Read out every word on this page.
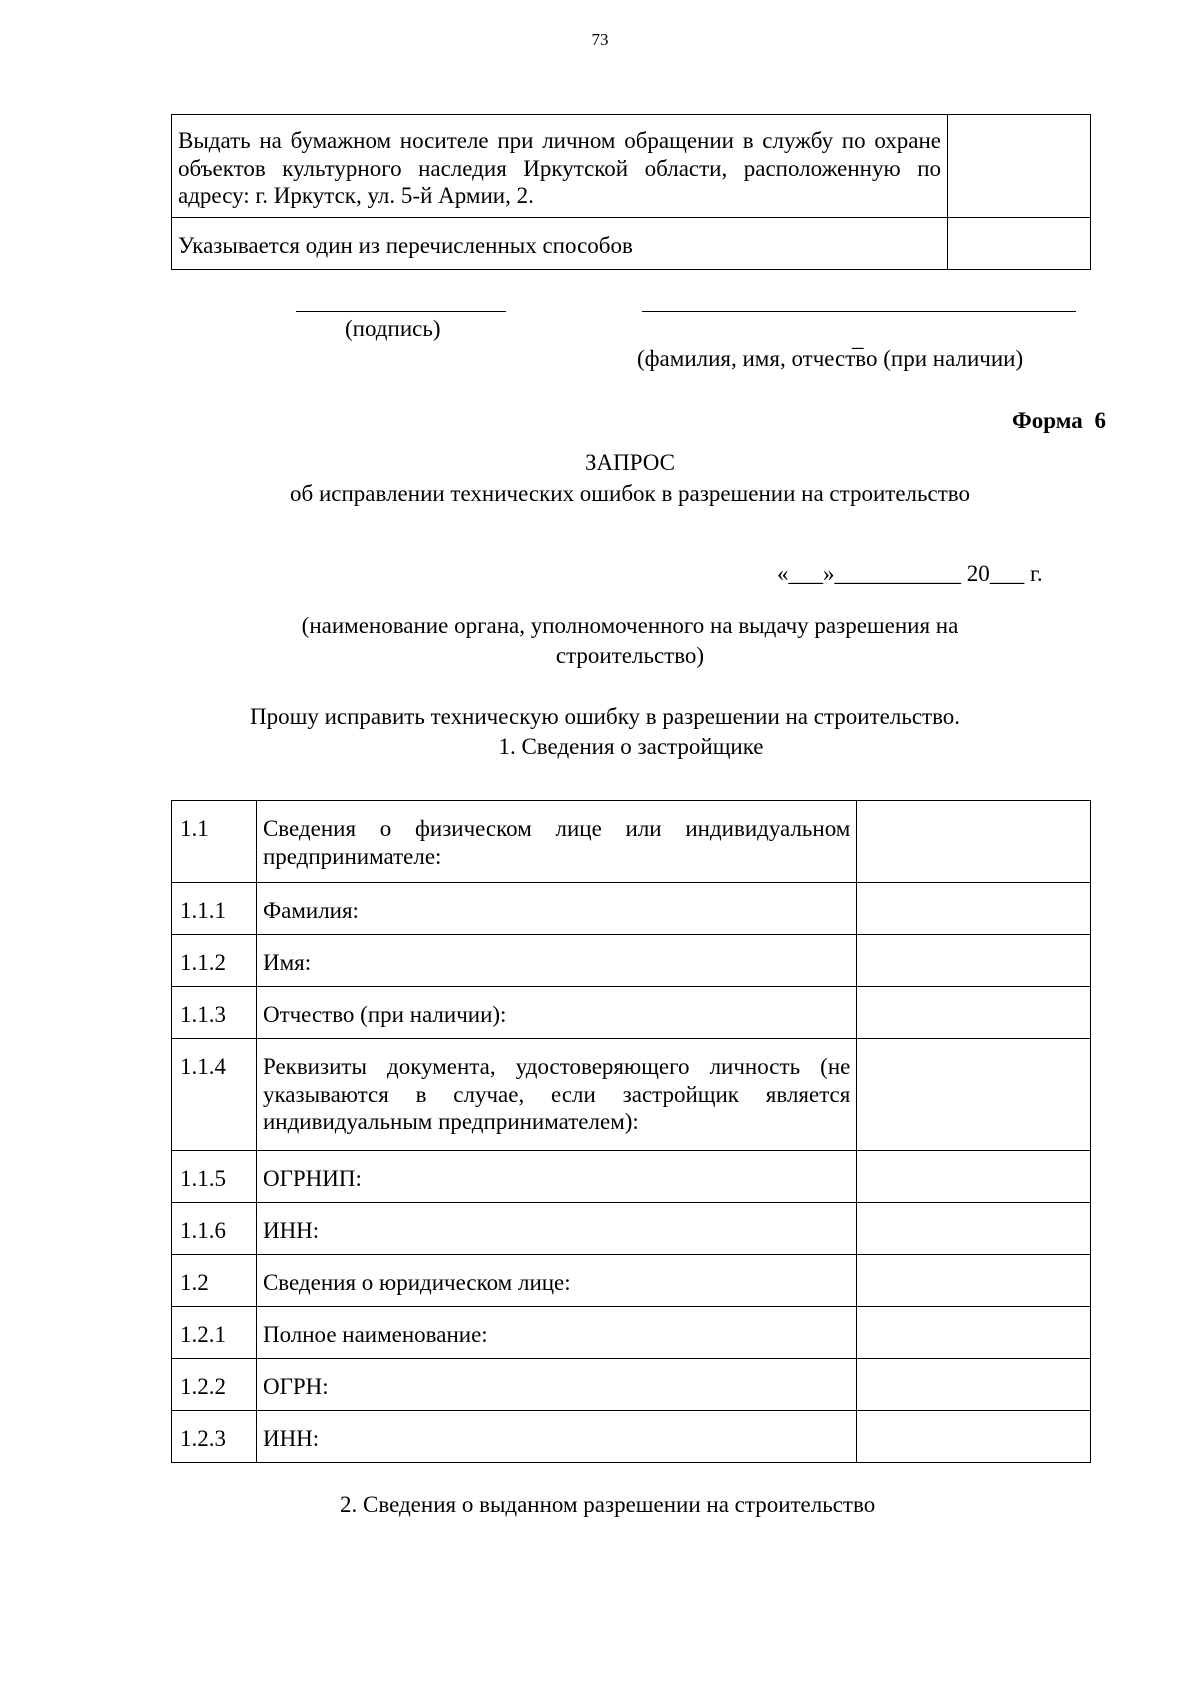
73
Выдать на бумажном носителе при личном обращении в службу по охране объектов культурного наследия Иркутской области, расположенную по адресу: г. Иркутск, ул. 5-й Армии, 2.	
Указывается один из перечисленных способов	
(подпись)	_
(фамилия, имя, отчество (при наличии)
Форма 6
ЗАПРОС
об исправлении технических ошибок в разрешении на строительство
«___»___________ 20___ г.
(наименование органа, уполномоченного на выдачу разрешения на
строительство)
Прошу исправить техническую ошибку в разрешении на строительство.
1. Сведения о застройщике
1.1	Сведения о физическом лице или индивидуальном предпринимателе:	
1.1.1	Фамилия:	
1.1.2	Имя:	
1.1.3	Отчество (при наличии):	
1.1.4	Реквизиты документа, удостоверяющего личность (не указываются в случае, если застройщик является индивидуальным предпринимателем):	
1.1.5	ОГРНИП:	
1.1.6	ИНН:	
1.2	Сведения о юридическом лице:	
1.2.1	Полное наименование:	
1.2.2	ОГРН:	
1.2.3	ИНН:	
2. Сведения о выданном разрешении на строительство
